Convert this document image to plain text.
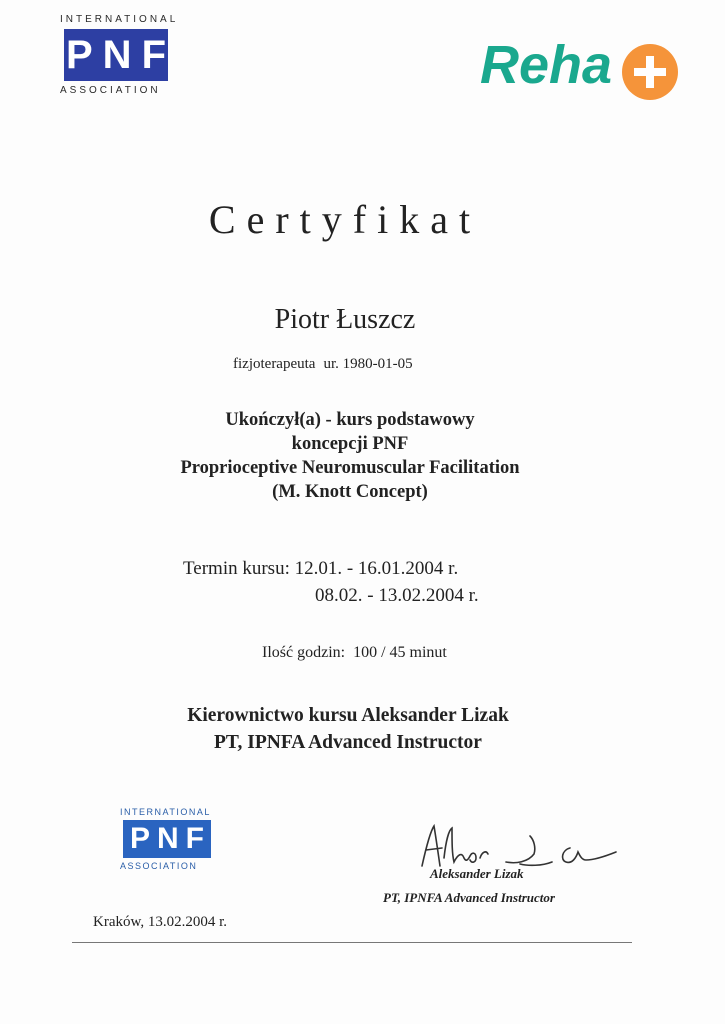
INTERNATIONAL
PNF
ASSOCIATION	Reha
Certyfikat
Piotr Łuszcz
fizjoterapeuta ur. 1980-01-05
Ukończył(a) - kurs podstawowy
koncepcji PNF
Proprioceptive Neuromuscular Facilitation
(M. Knott Concept)
Termin kursu: 12.01. - 16.01.2004 r.
08.02. - 13.02.2004 r.
Ilość godzin: 100 / 45 minut
Kierownictwo kursu Aleksander Lizak
PT, IPNFA Advanced Instructor
INTERNATIONAL
PNF
ASSOCIATION	Aleksander Lizak
PT, IPNFA Advanced Instructor
Kraków, 13.02.2004 r.
